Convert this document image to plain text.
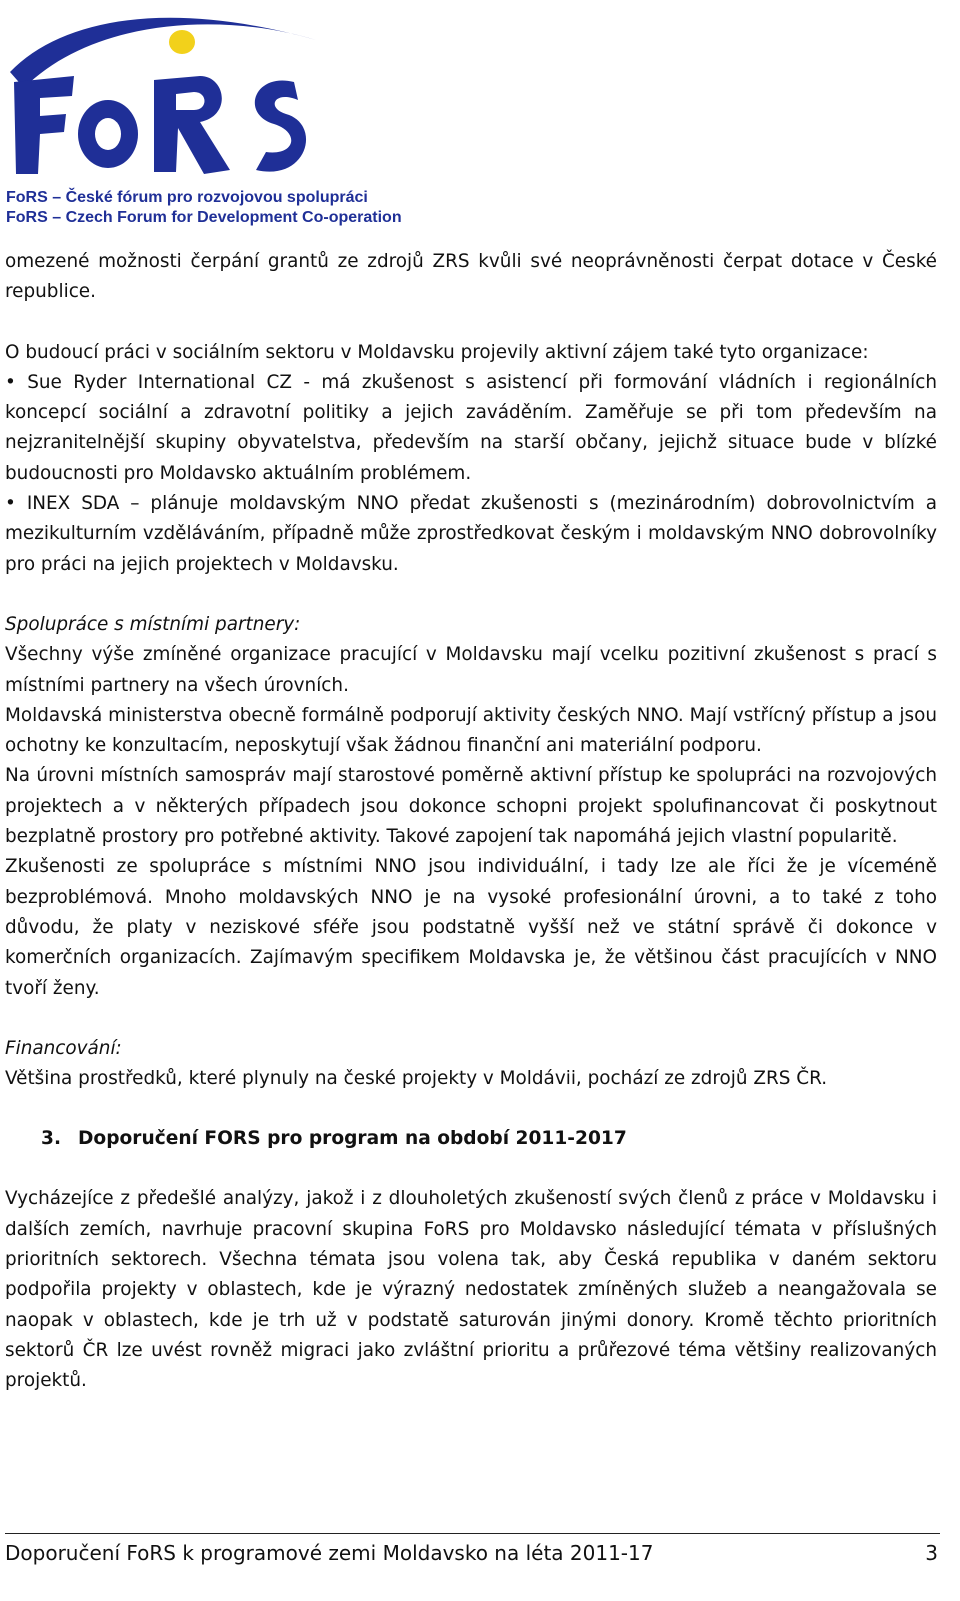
FoRS – České fórum pro rozvojovou spolupráci
FoRS – Czech Forum for Development Co-operation

omezené možnosti čerpání grantů ze zdrojů ZRS kvůli své neoprávněnosti čerpat dotace v České republice.

O budoucí práci v sociálním sektoru v Moldavsku projevily aktivní zájem také tyto organizace:

• Sue Ryder International CZ - má zkušenost s asistencí při formování vládních i regionálních koncepcí sociální a zdravotní politiky a jejich zaváděním. Zaměřuje se při tom především na nejzranitelnější skupiny obyvatelstva, především na starší občany, jejichž situace bude v blízké budoucnosti pro Moldavsko aktuálním problémem.

• INEX SDA – plánuje moldavským NNO předat zkušenosti s (mezinárodním) dobrovolnictvím a mezikulturním vzděláváním, případně může zprostředkovat českým i moldavským NNO dobrovolníky pro práci na jejich projektech v Moldavsku.

Spolupráce s místními partnery:

Všechny výše zmíněné organizace pracující v Moldavsku mají vcelku pozitivní zkušenost s prací s místními partnery na všech úrovních.

Moldavská ministerstva obecně formálně podporují aktivity českých NNO. Mají vstřícný přístup a jsou ochotny ke konzultacím, neposkytují však žádnou finanční ani materiální podporu.

Na úrovni místních samospráv mají starostové poměrně aktivní přístup ke spolupráci na rozvojových projektech a v některých případech jsou dokonce schopni projekt spolufinancovat či poskytnout bezplatně prostory pro potřebné aktivity. Takové zapojení tak napomáhá jejich vlastní popularitě.

Zkušenosti ze spolupráce s místními NNO jsou individuální, i tady lze ale říci že je víceméně bezproblémová. Mnoho moldavských NNO je na vysoké profesionální úrovni, a to také z toho důvodu, že platy v neziskové sféře jsou podstatně vyšší než ve státní správě či dokonce v komerčních organizacích. Zajímavým specifikem Moldavska je, že většinou část pracujících v NNO tvoří ženy.

Financování:

Většina prostředků, které plynuly na české projekty v Moldávii, pochází ze zdrojů ZRS ČR.

3. Doporučení FORS pro program na období 2011-2017

Vycházejíce z předešlé analýzy, jakož i z dlouholetých zkušeností svých členů z práce v Moldavsku i dalších zemích, navrhuje pracovní skupina FoRS pro Moldavsko následující témata v příslušných prioritních sektorech. Všechna témata jsou volena tak, aby Česká republika v daném sektoru podpořila projekty v oblastech, kde je výrazný nedostatek zmíněných služeb a neangažovala se naopak v oblastech, kde je trh už v podstatě saturován jinými donory. Kromě těchto prioritních sektorů ČR lze uvést rovněž migraci jako zvláštní prioritu a průřezové téma většiny realizovaných projektů.

Doporučení FoRS k programové zemi Moldavsko na léta 2011-17	3
